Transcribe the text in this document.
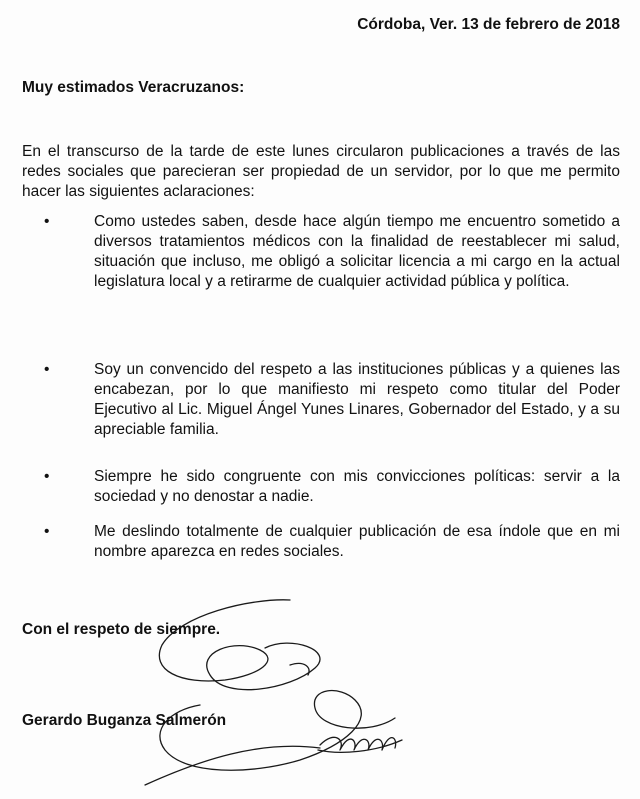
Córdoba, Ver. 13 de febrero de 2018
Muy estimados Veracruzanos:
En el transcurso de la tarde de este lunes circularon publicaciones a través de las redes sociales que parecieran ser propiedad de un servidor, por lo que me permito hacer las siguientes aclaraciones:
•	Como ustedes saben, desde hace algún tiempo me encuentro sometido a diversos tratamientos médicos con la finalidad de reestablecer mi salud, situación que incluso, me obligó a solicitar licencia a mi cargo en la actual legislatura local y a retirarme de cualquier actividad pública y política.
•	Soy un convencido del respeto a las instituciones públicas y a quienes las encabezan, por lo que manifiesto mi respeto como titular del Poder Ejecutivo al Lic. Miguel Ángel Yunes Linares, Gobernador del Estado, y a su apreciable familia.
•	Siempre he sido congruente con mis convicciones políticas: servir a la sociedad y no denostar a nadie.
•	Me deslindo totalmente de cualquier publicación de esa índole que en mi nombre aparezca en redes sociales.
Con el respeto de siempre.
Gerardo Buganza Salmerón
